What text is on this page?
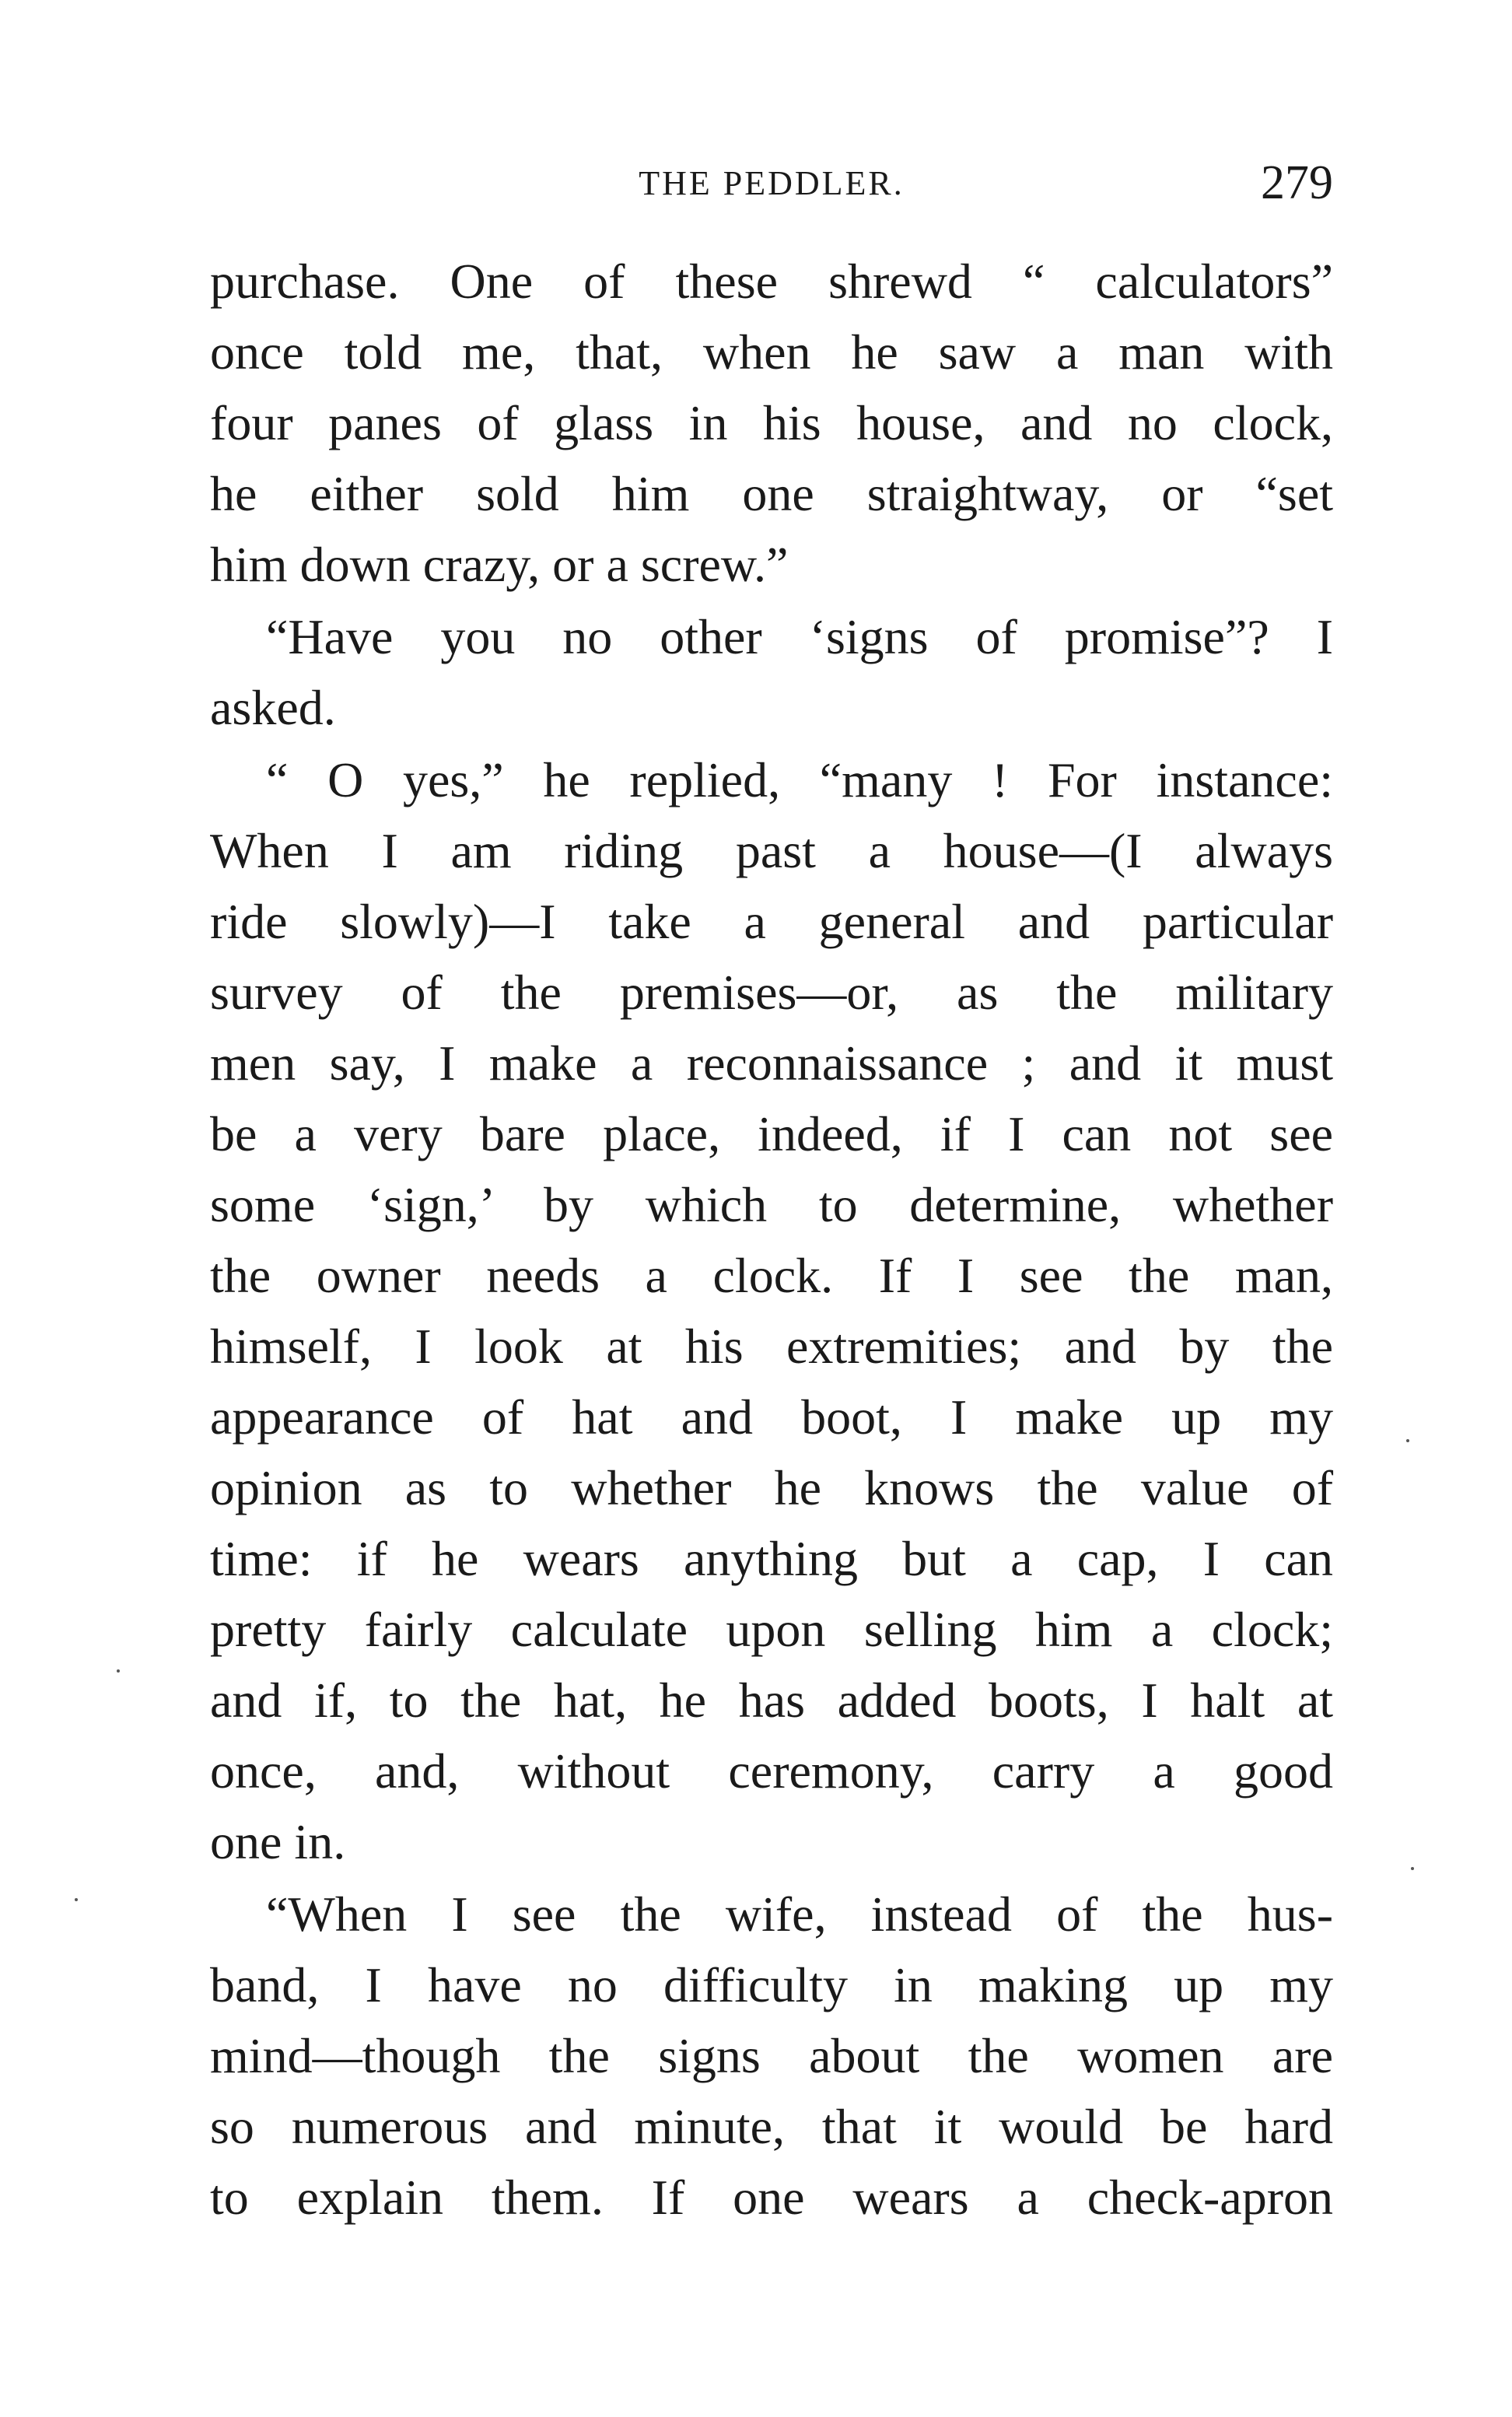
THE PEDDLER.	279
purchase. One of these shrewd “ calculators”
once told me, that, when he saw a man with
four panes of glass in his house, and no clock,
he either sold him one straightway, or “set
him down crazy, or a screw.”
“Have you no other ‘signs of promise”? I
asked.
“ O yes,” he replied, “many ! For instance:
When I am riding past a house—(I always
ride slowly)—I take a general and particular
survey of the premises—or, as the military
men say, I make a reconnaissance ; and it must
be a very bare place, indeed, if I can not see
some ‘sign,’ by which to determine, whether
the owner needs a clock. If I see the man,
himself, I look at his extremities; and by the
appearance of hat and boot, I make up my
opinion as to whether he knows the value of
time: if he wears anything but a cap, I can
pretty fairly calculate upon selling him a clock;
and if, to the hat, he has added boots, I halt at
once, and, without ceremony, carry a good
one in.
“When I see the wife, instead of the hus-
band, I have no difficulty in making up my
mind—though the signs about the women are
so numerous and minute, that it would be hard
to explain them. If one wears a check-apron
